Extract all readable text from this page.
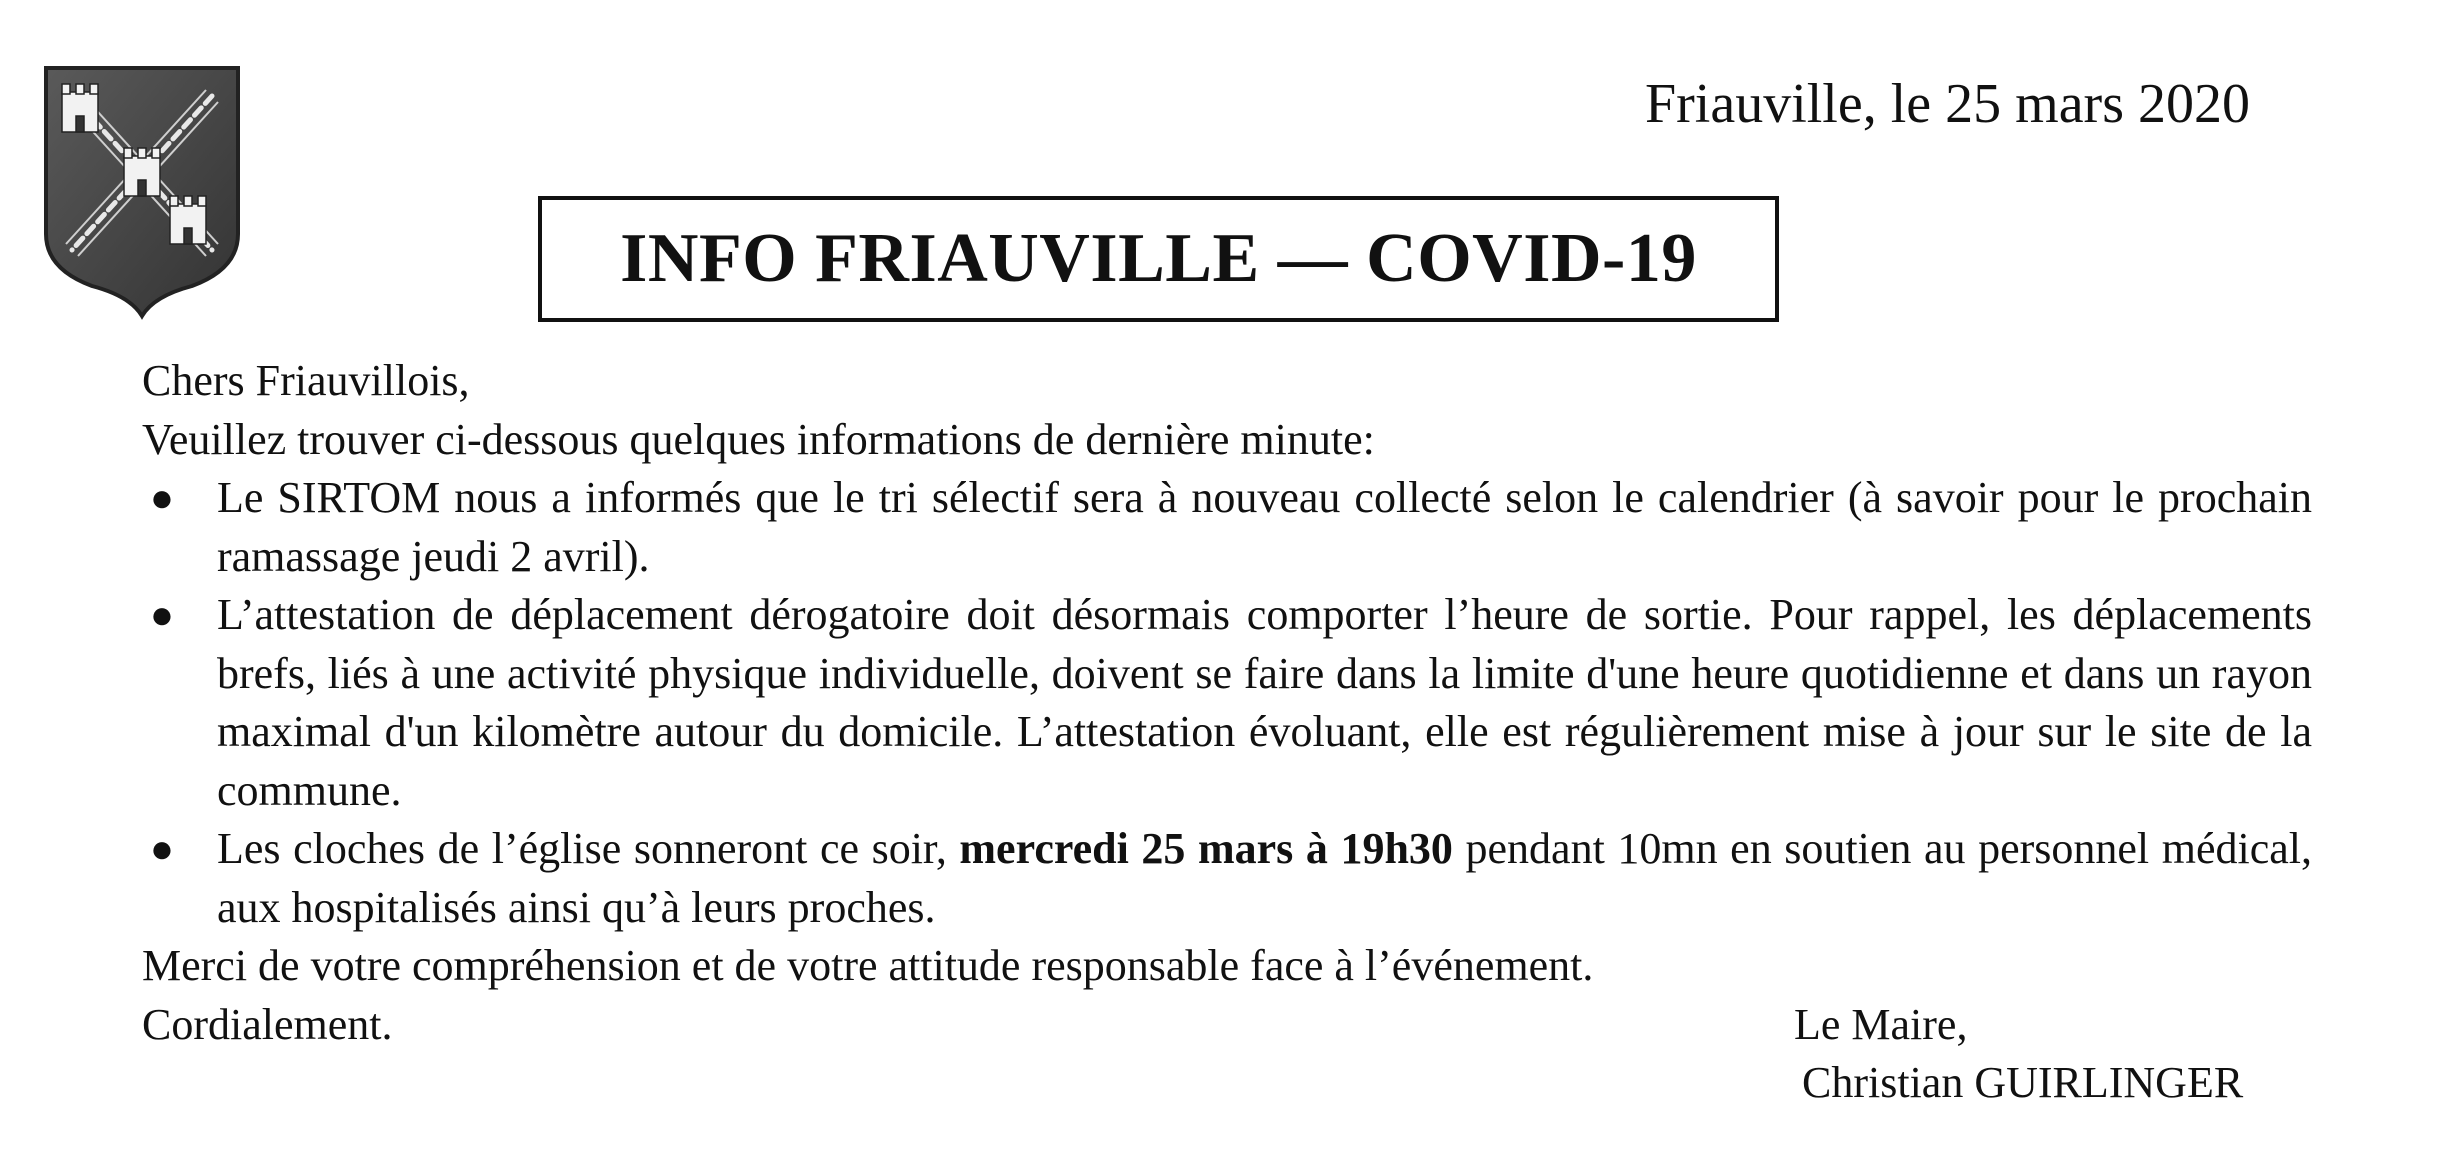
Friauville, le 25 mars 2020
INFO FRIAUVILLE — COVID-19

Chers Friauvillois,

Veuillez trouver ci-dessous quelques informations de dernière minute:

● Le SIRTOM nous a informés que le tri sélectif sera à nouveau collecté selon le calendrier (à savoir pour le prochain ramassage jeudi 2 avril).
● L’attestation de déplacement dérogatoire doit désormais comporter l’heure de sortie. Pour rappel, les déplacements brefs, liés à une activité physique individuelle, doivent se faire dans la limite d'une heure quotidienne et dans un rayon maximal d'un kilomètre autour du domicile. L’attestation évoluant, elle est régulièrement mise à jour sur le site de la commune.
● Les cloches de l’église sonneront ce soir, mercredi 25 mars à 19h30 pendant 10mn en soutien au personnel médical, aux hospitalisés ainsi qu’à leurs proches.

Merci de votre compréhension et de votre attitude responsable face à l’événement.

Cordialement.	Le Maire,
Christian GUIRLINGER
